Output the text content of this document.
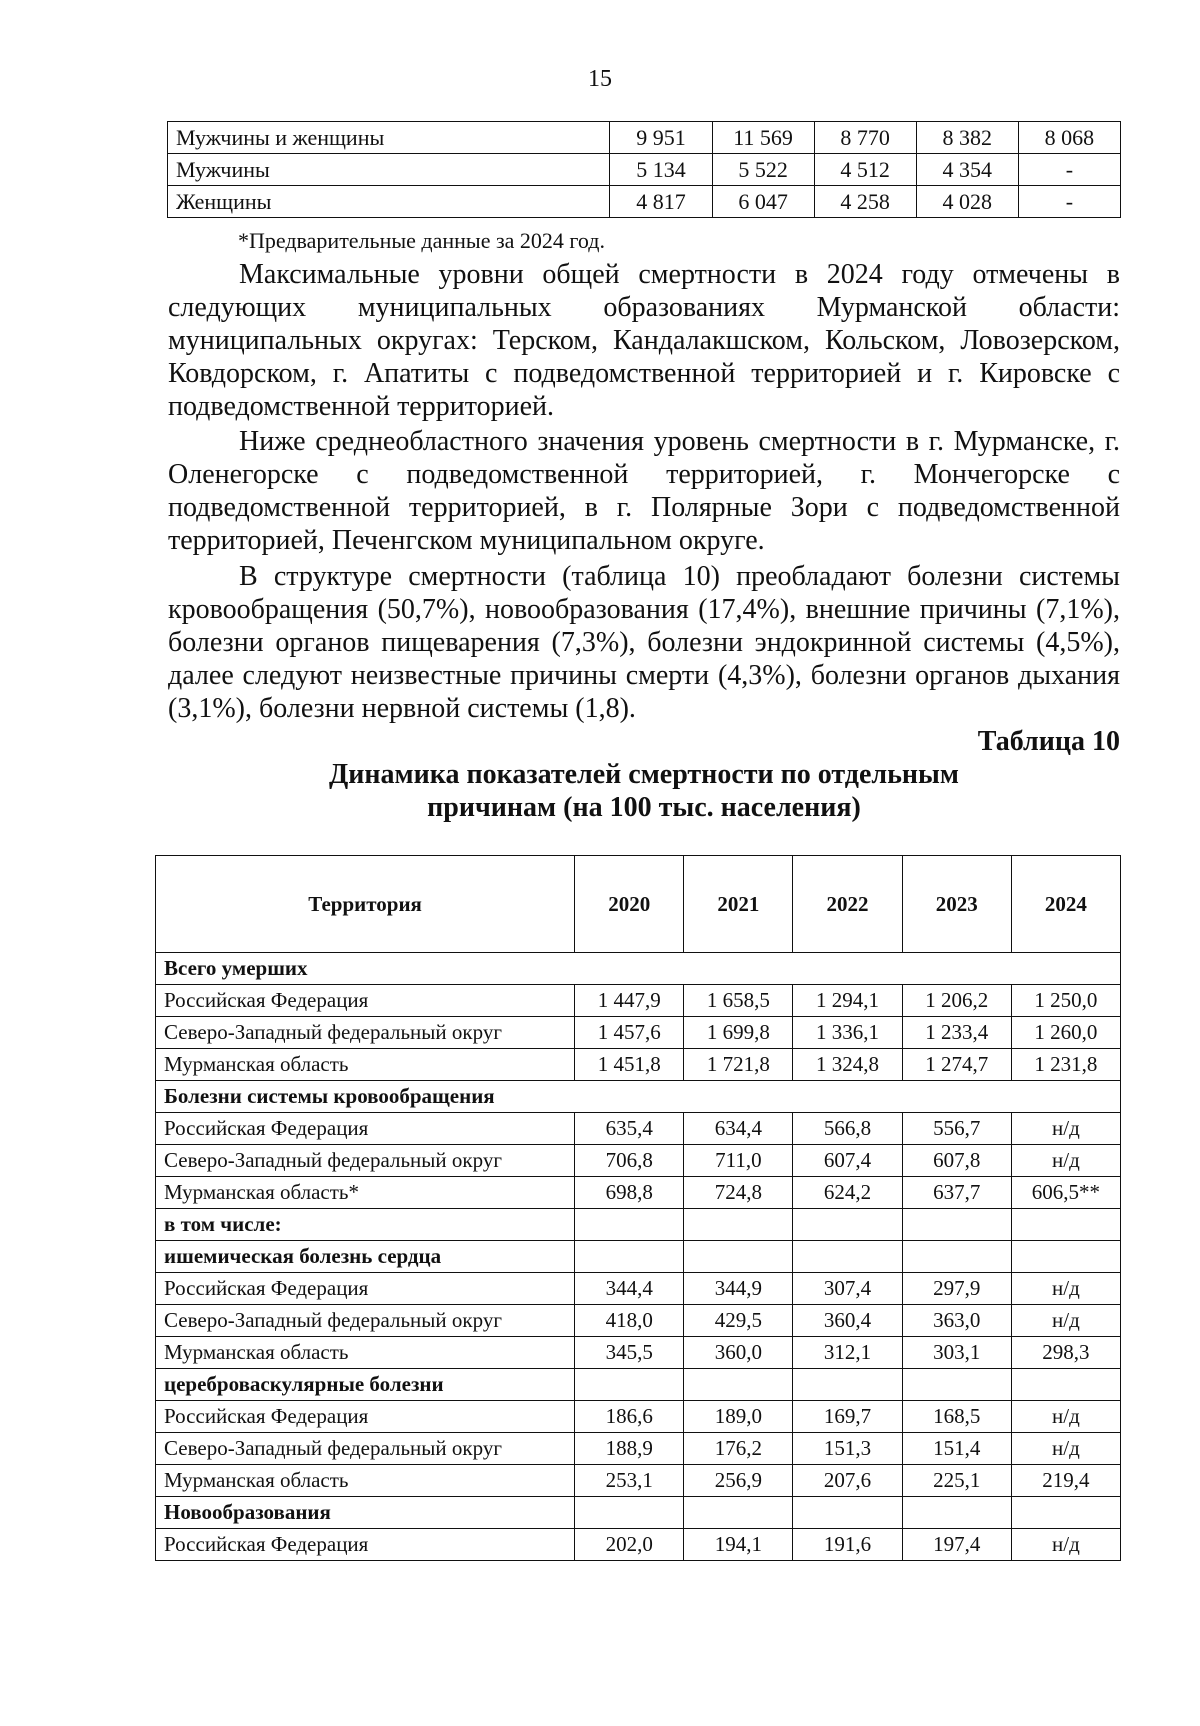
15
Мужчины и женщины	9 951	11 569	8 770	8 382	8 068
Мужчины	5 134	5 522	4 512	4 354	-
Женщины	4 817	6 047	4 258	4 028	-
*Предварительные данные за 2024 год.

Максимальные уровни общей смертности в 2024 году отмечены в следующих муниципальных образованиях Мурманской области: муниципальных округах: Терском, Кандалакшском, Кольском, Ловозерском, Ковдорском, г. Апатиты с подведомственной территорией и г. Кировске с подведомственной территорией.

Ниже среднеобластного значения уровень смертности в г. Мурманске, г. Оленегорске с подведомственной территорией, г. Мончегорске с подведомственной территорией, в г. Полярные Зори с подведомственной территорией, Печенгском муниципальном округе.

В структуре смертности (таблица 10) преобладают болезни системы кровообращения (50,7%), новообразования (17,4%), внешние причины (7,1%), болезни органов пищеварения (7,3%), болезни эндокринной системы (4,5%), далее следуют неизвестные причины смерти (4,3%), болезни органов дыхания (3,1%), болезни нервной системы (1,8).

Таблица 10
Динамика показателей смертности по отдельным
причинам (на 100 тыс. населения)
Территория	2020	2021	2022	2023	2024
Всего умерших					
Российская Федерация	1 447,9	1 658,5	1 294,1	1 206,2	1 250,0
Северо-Западный федеральный округ	1 457,6	1 699,8	1 336,1	1 233,4	1 260,0
Мурманская область	1 451,8	1 721,8	1 324,8	1 274,7	1 231,8
Болезни системы кровообращения					
Российская Федерация	635,4	634,4	566,8	556,7	н/д
Северо-Западный федеральный округ	706,8	711,0	607,4	607,8	н/д
Мурманская область*	698,8	724,8	624,2	637,7	606,5**
в том числе:					
ишемическая болезнь сердца					
Российская Федерация	344,4	344,9	307,4	297,9	н/д
Северо-Западный федеральный округ	418,0	429,5	360,4	363,0	н/д
Мурманская область	345,5	360,0	312,1	303,1	298,3
цереброваскулярные болезни					
Российская Федерация	186,6	189,0	169,7	168,5	н/д
Северо-Западный федеральный округ	188,9	176,2	151,3	151,4	н/д
Мурманская область	253,1	256,9	207,6	225,1	219,4
Новообразования					
Российская Федерация	202,0	194,1	191,6	197,4	н/д
